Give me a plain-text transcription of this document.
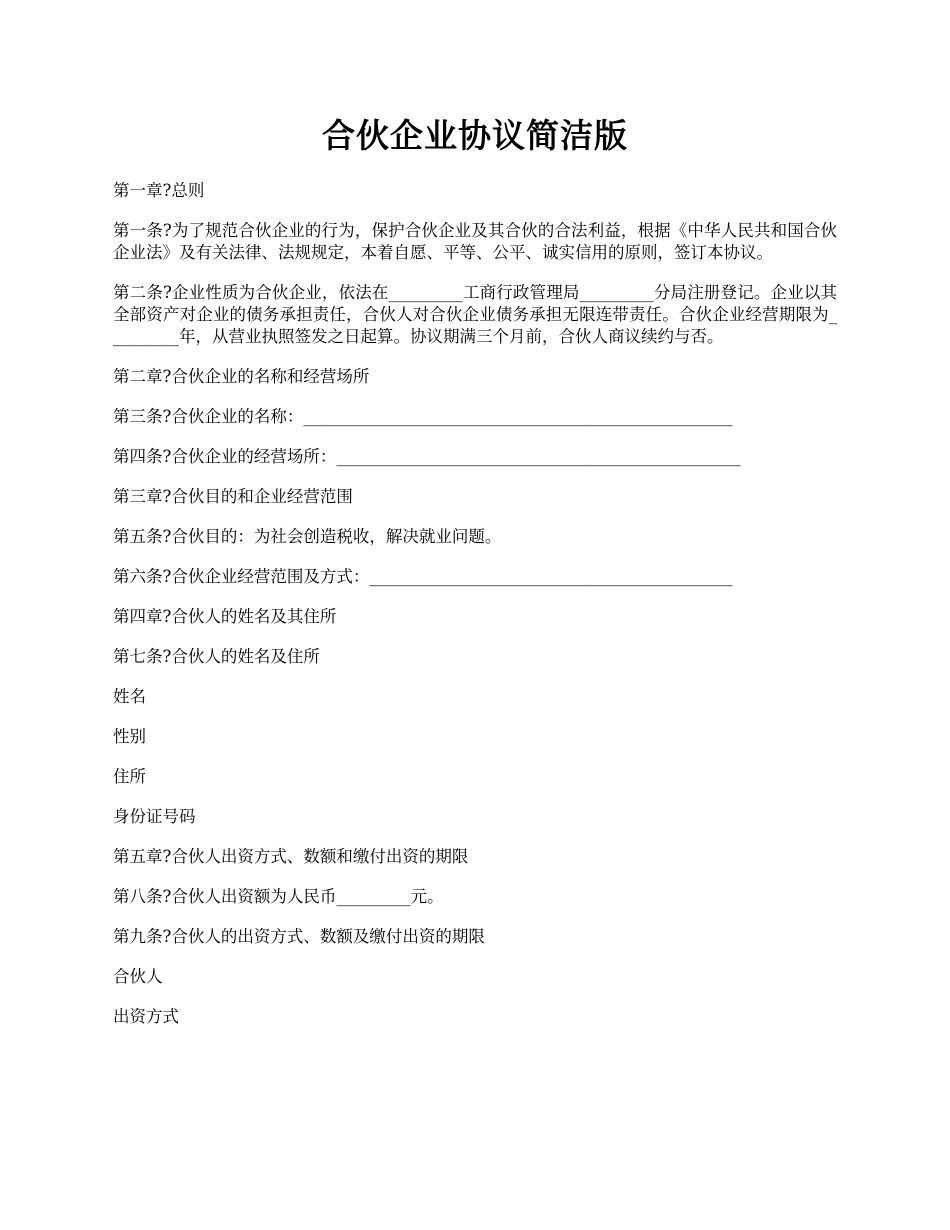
合伙企业协议简洁版

第一章?总则

第一条?为了规范合伙企业的行为，保护合伙企业及其合伙的合法利益，根据《中华人民共和国合伙企业法》及有关法律、法规规定，本着自愿、平等、公平、诚实信用的原则，签订本协议。

第二条?企业性质为合伙企业，依法在_________工商行政管理局_________分局注册登记。企业以其全部资产对企业的债务承担责任，合伙人对合伙企业债务承担无限连带责任。合伙企业经营期限为_________年，从营业执照签发之日起算。协议期满三个月前，合伙人商议续约与否。

第二章?合伙企业的名称和经营场所

第三条?合伙企业的名称：____________________________________________________

第四条?合伙企业的经营场所：_________________________________________________

第三章?合伙目的和企业经营范围

第五条?合伙目的：为社会创造税收，解决就业问题。

第六条?合伙企业经营范围及方式：____________________________________________

第四章?合伙人的姓名及其住所

第七条?合伙人的姓名及住所

姓名

性别

住所

身份证号码

第五章?合伙人出资方式、数额和缴付出资的期限

第八条?合伙人出资额为人民币_________元。

第九条?合伙人的出资方式、数额及缴付出资的期限

合伙人

出资方式
